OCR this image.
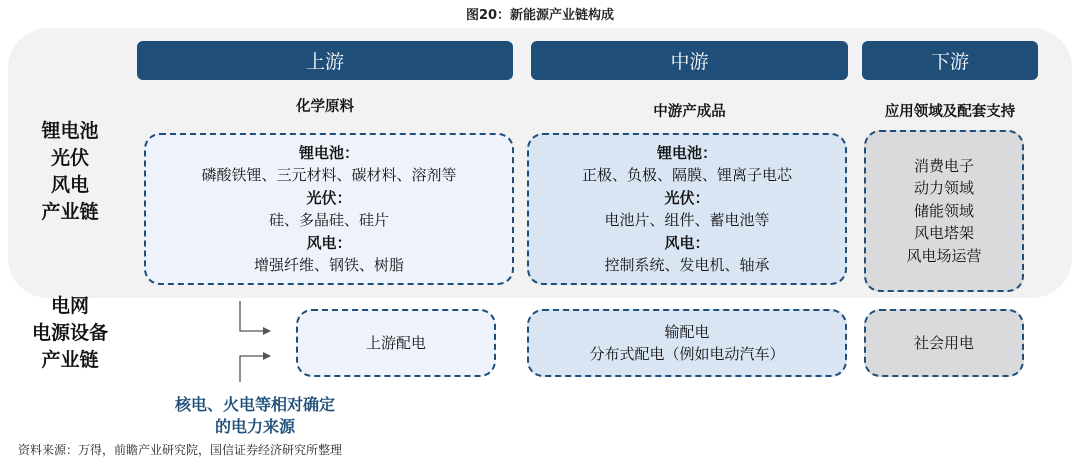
图20：新能源产业链构成
上游	中游	下游
化学原料	中游产成品	应用领域及配套支持
锂电池
光伏
风电
产业链
电网
电源设备
产业链
锂电池：
磷酸铁锂、三元材料、碳材料、溶剂等
光伏：
硅、多晶硅、硅片
风电：
增强纤维、钢铁、树脂
锂电池：
正极、负极、隔膜、锂离子电芯
光伏：
电池片、组件、蓄电池等
风电：
控制系统、发电机、轴承
消费电子
动力领域
储能领域
风电塔架
风电场运营
上游配电
输配电
分布式配电（例如电动汽车）
社会用电
核电、火电等相对确定
的电力来源
资料来源：万得，前瞻产业研究院，国信证券经济研究所整理
